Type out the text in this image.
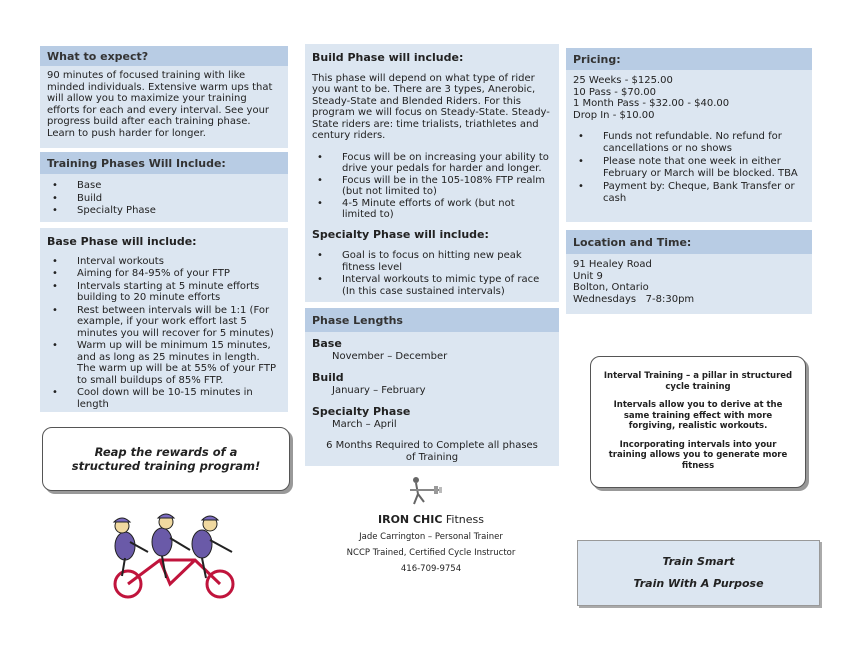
What to expect?
90 minutes of focused training with like minded individuals. Extensive warm ups that will allow you to maximize your training efforts for each and every interval. See your progress build after each training phase. Learn to push harder for longer.
Training Phases Will Include:
• Base
• Build
• Specialty Phase
Base Phase will include:
• Interval workouts
• Aiming for 84-95% of your FTP
• Intervals starting at 5 minute efforts building to 20 minute efforts
• Rest between intervals will be 1:1 (For example, if your work effort last 5 minutes you will recover for 5 minutes)
• Warm up will be minimum 15 minutes, and as long as 25 minutes in length. The warm up will be at 55% of your FTP to small buildups of 85% FTP.
• Cool down will be 10-15 minutes in length
Reap the rewards of a structured training program!
Build Phase will include:
This phase will depend on what type of rider you want to be. There are 3 types, Anerobic, Steady-State and Blended Riders. For this program we will focus on Steady-State. Steady-State riders are: time trialists, triathletes and century riders.
• Focus will be on increasing your ability to drive your pedals for harder and longer.
• Focus will be in the 105-108% FTP realm (but not limited to)
• 4-5 Minute efforts of work (but not limited to)
Specialty Phase will include:
• Goal is to focus on hitting new peak fitness level
• Interval workouts to mimic type of race (In this case sustained intervals)
Phase Lengths
Base
November – December
Build
January – February
Specialty Phase
March – April
6 Months Required to Complete all phases of Training
IRON CHIC Fitness
Jade Carrington – Personal Trainer
NCCP Trained, Certified Cycle Instructor
416-709-9754
Pricing:
25 Weeks - $125.00
10 Pass - $70.00
1 Month Pass - $32.00 - $40.00
Drop In - $10.00
• Funds not refundable. No refund for cancellations or no shows
• Please note that one week in either February or March will be blocked. TBA
• Payment by: Cheque, Bank Transfer or cash
Location and Time:
91 Healey Road
Unit 9
Bolton, Ontario
Wednesdays   7-8:30pm
Interval Training – a pillar in structured cycle training
Intervals allow you to derive at the same training effect with more forgiving, realistic workouts.
Incorporating intervals into your training allows you to generate more fitness
Train Smart
Train With A Purpose
